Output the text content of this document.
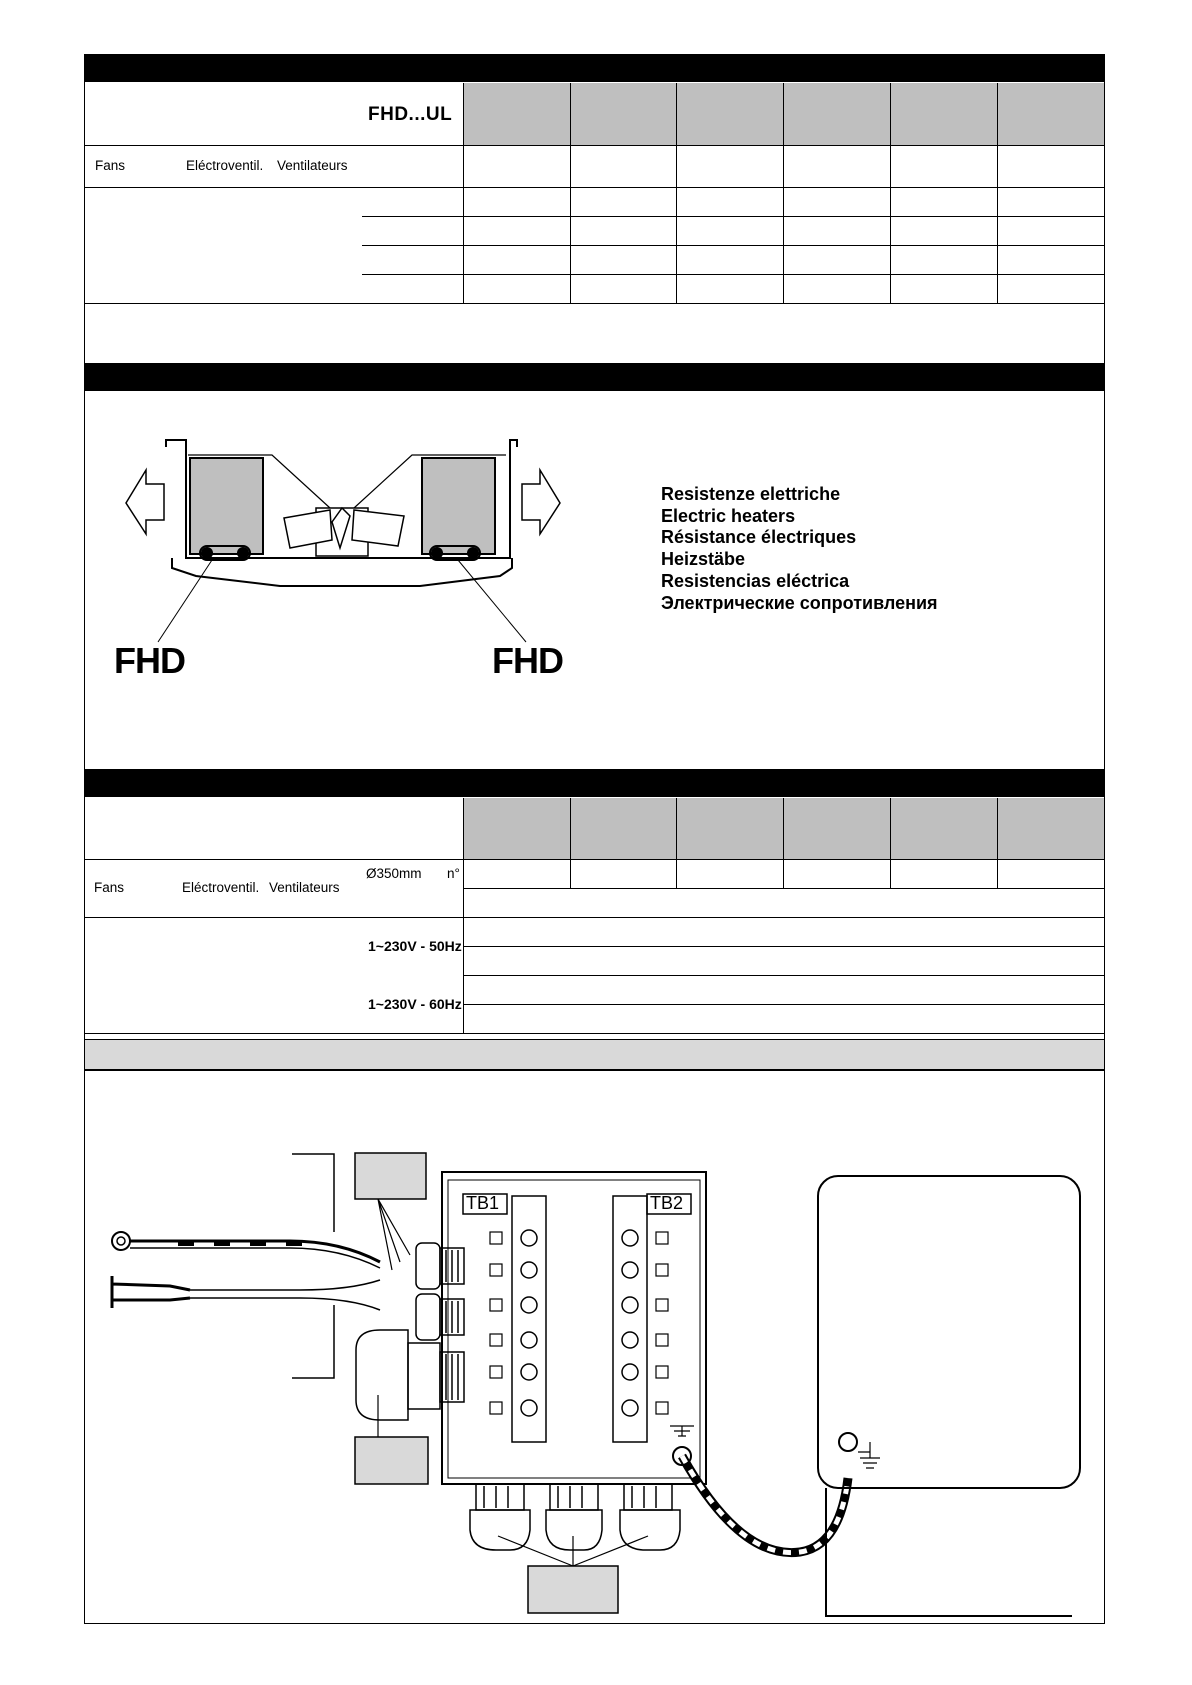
FHD...UL
Fans	Eléctroventil. Ventilateurs
FHD	FHD
Resistenze elettriche
Electric heaters
Résistance électriques
Heizstäbe
Resistencias eléctrica
Электрические сопротивления
Ø350mm n°
Fans	Eléctroventil. Ventilateurs
1~230V - 50Hz
1~230V - 60Hz
TB1	TB2
